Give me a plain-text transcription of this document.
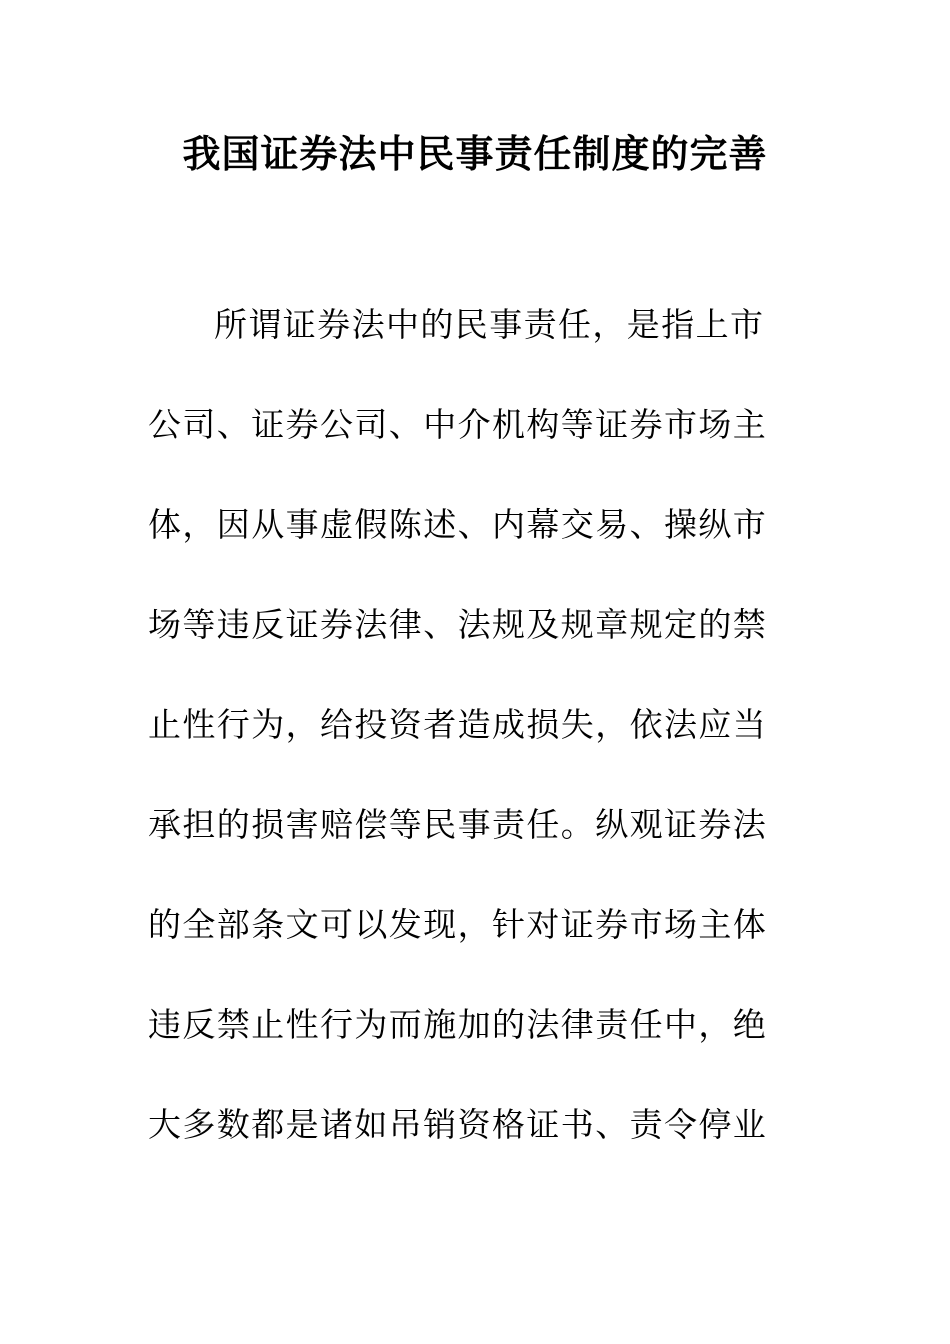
我国证券法中民事责任制度的完善
所谓证券法中的民事责任，是指上市
公司、证券公司、中介机构等证券市场主
体，因从事虚假陈述、内幕交易、操纵市
场等违反证券法律、法规及规章规定的禁
止性行为，给投资者造成损失，依法应当
承担的损害赔偿等民事责任。纵观证券法
的全部条文可以发现，针对证券市场主体
违反禁止性行为而施加的法律责任中，绝
大多数都是诸如吊销资格证书、责令停业
